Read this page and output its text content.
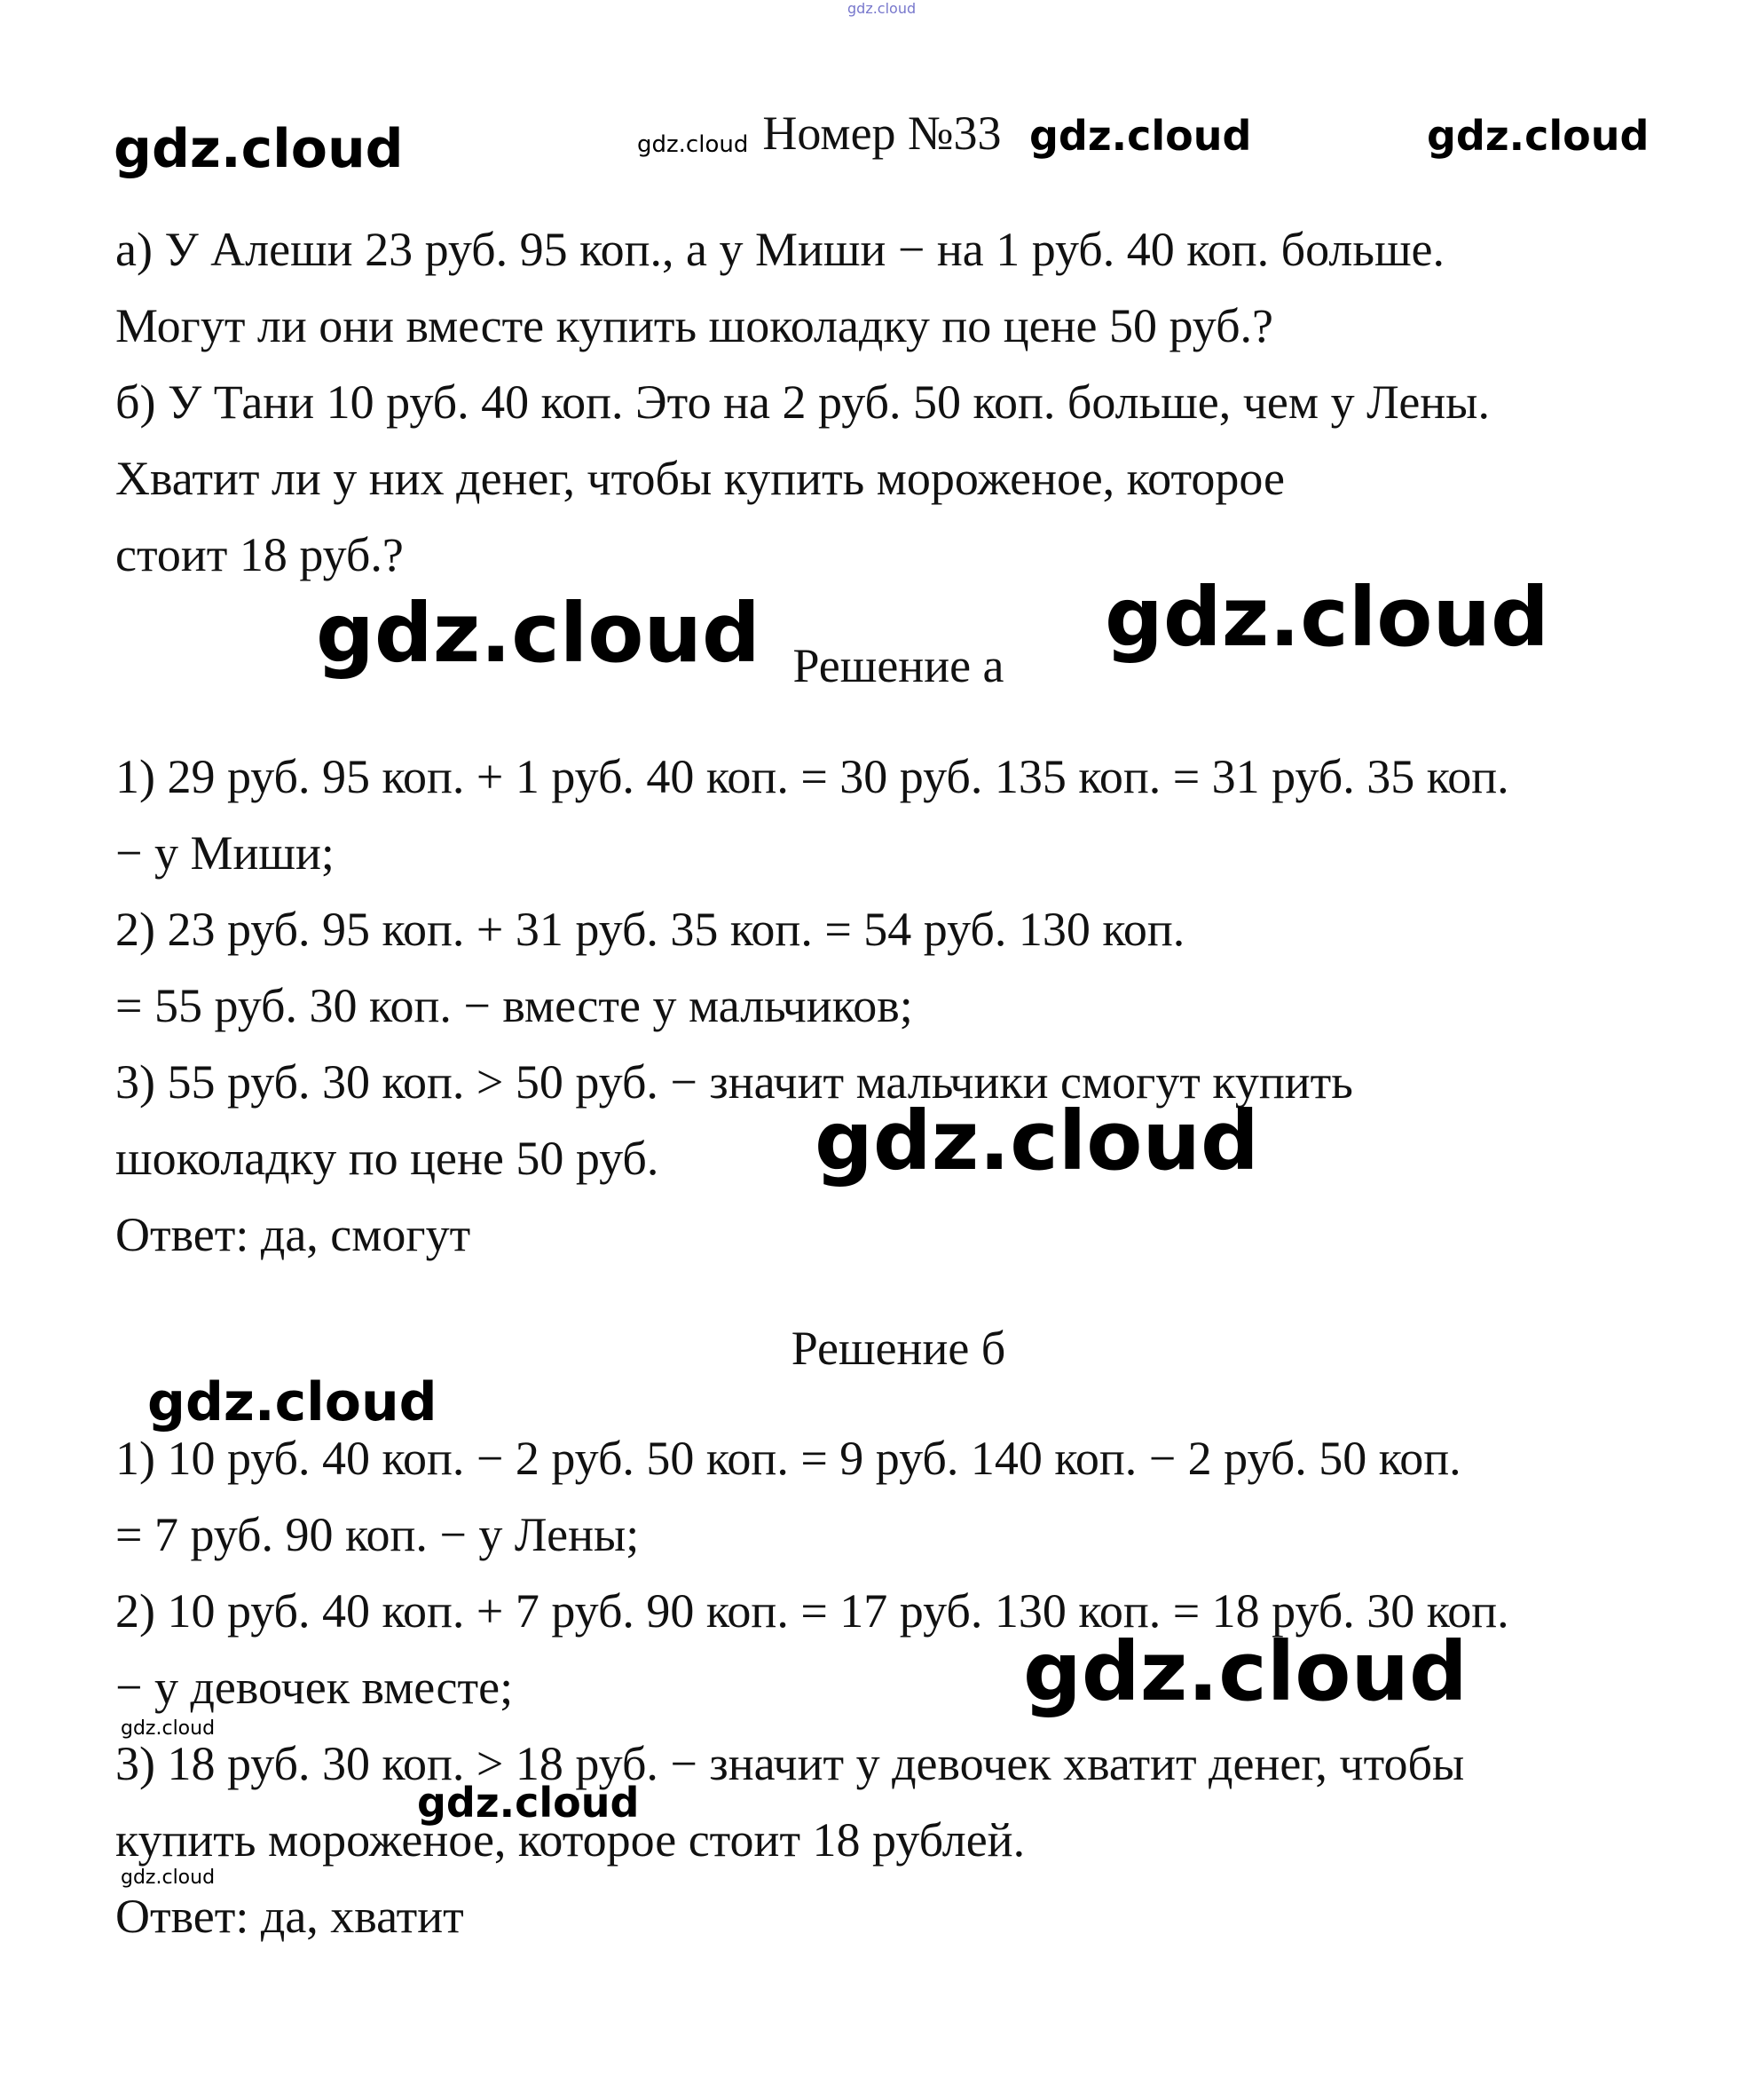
Номер №33
а) У Алеши 23 руб. 95 коп., а у Миши − на 1 руб. 40 коп. больше.
Могут ли они вместе купить шоколадку по цене 50 руб.?
б) У Тани 10 руб. 40 коп. Это на 2 руб. 50 коп. больше, чем у Лены.
Хватит ли у них денег, чтобы купить мороженое, которое
стоит 18 руб.?
Решение а
1) 29 руб. 95 коп. + 1 руб. 40 коп. = 30 руб. 135 коп. = 31 руб. 35 коп.
− у Миши;
2) 23 руб. 95 коп. + 31 руб. 35 коп. = 54 руб. 130 коп.
= 55 руб. 30 коп. − вместе у мальчиков;
3) 55 руб. 30 коп. > 50 руб. − значит мальчики смогут купить
шоколадку по цене 50 руб.
Ответ: да, смогут
Решение б
1) 10 руб. 40 коп. − 2 руб. 50 коп. = 9 руб. 140 коп. − 2 руб. 50 коп.
= 7 руб. 90 коп. − у Лены;
2) 10 руб. 40 коп. + 7 руб. 90 коп. = 17 руб. 130 коп. = 18 руб. 30 коп.
− у девочек вместе;
3) 18 руб. 30 коп. > 18 руб. − значит у девочек хватит денег, чтобы
купить мороженое, которое стоит 18 рублей.
Ответ: да, хватит
gdz.cloud
gdz.cloud	gdz.cloud	gdz.cloud	gdz.cloud
gdz.cloud	gdz.cloud
gdz.cloud
gdz.cloud
gdz.cloud
gdz.cloud
gdz.cloud
gdz.cloud
